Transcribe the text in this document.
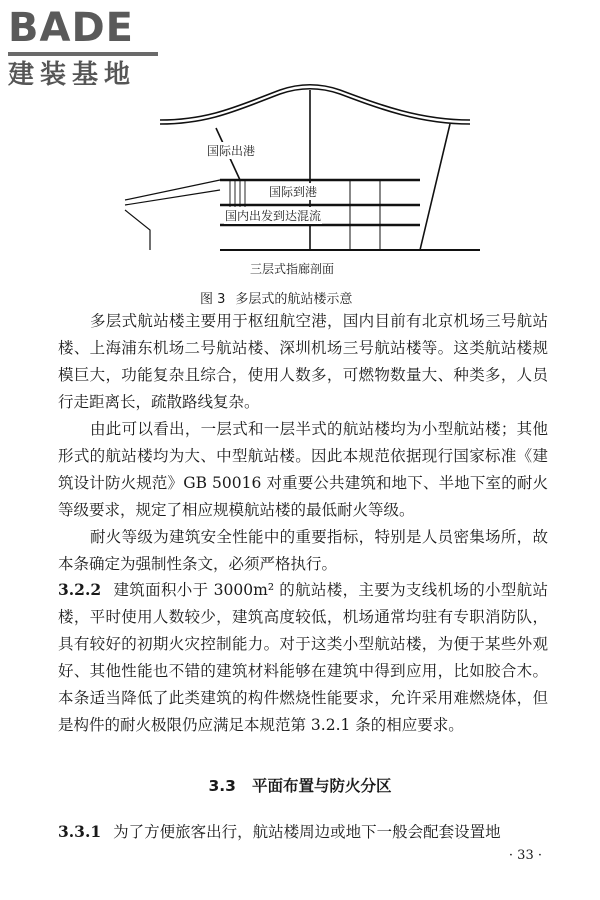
BADE
建装基地
国际出港
国际到港
国内出发到达混流
三层式指廊剖面
图 3 多层式的航站楼示意
多层式航站楼主要用于枢纽航空港，国内目前有北京机场三号航站楼、上海浦东机场二号航站楼、深圳机场三号航站楼等。这类航站楼规模巨大，功能复杂且综合，使用人数多，可燃物数量大、种类多，人员行走距离长，疏散路线复杂。
由此可以看出，一层式和一层半式的航站楼均为小型航站楼；其他形式的航站楼均为大、中型航站楼。因此本规范依据现行国家标准《建筑设计防火规范》GB 50016 对重要公共建筑和地下、半地下室的耐火等级要求，规定了相应规模航站楼的最低耐火等级。
耐火等级为建筑安全性能中的重要指标，特别是人员密集场所，故本条确定为强制性条文，必须严格执行。
3.2.2 建筑面积小于 3000m² 的航站楼，主要为支线机场的小型航站楼，平时使用人数较少，建筑高度较低，机场通常均驻有专职消防队，具有较好的初期火灾控制能力。对于这类小型航站楼，为便于某些外观好、其他性能也不错的建筑材料能够在建筑中得到应用，比如胶合木。本条适当降低了此类建筑的构件燃烧性能要求，允许采用难燃烧体，但是构件的耐火极限仍应满足本规范第 3.2.1 条的相应要求。
3.3 平面布置与防火分区
3.3.1 为了方便旅客出行，航站楼周边或地下一般会配套设置地
· 33 ·
